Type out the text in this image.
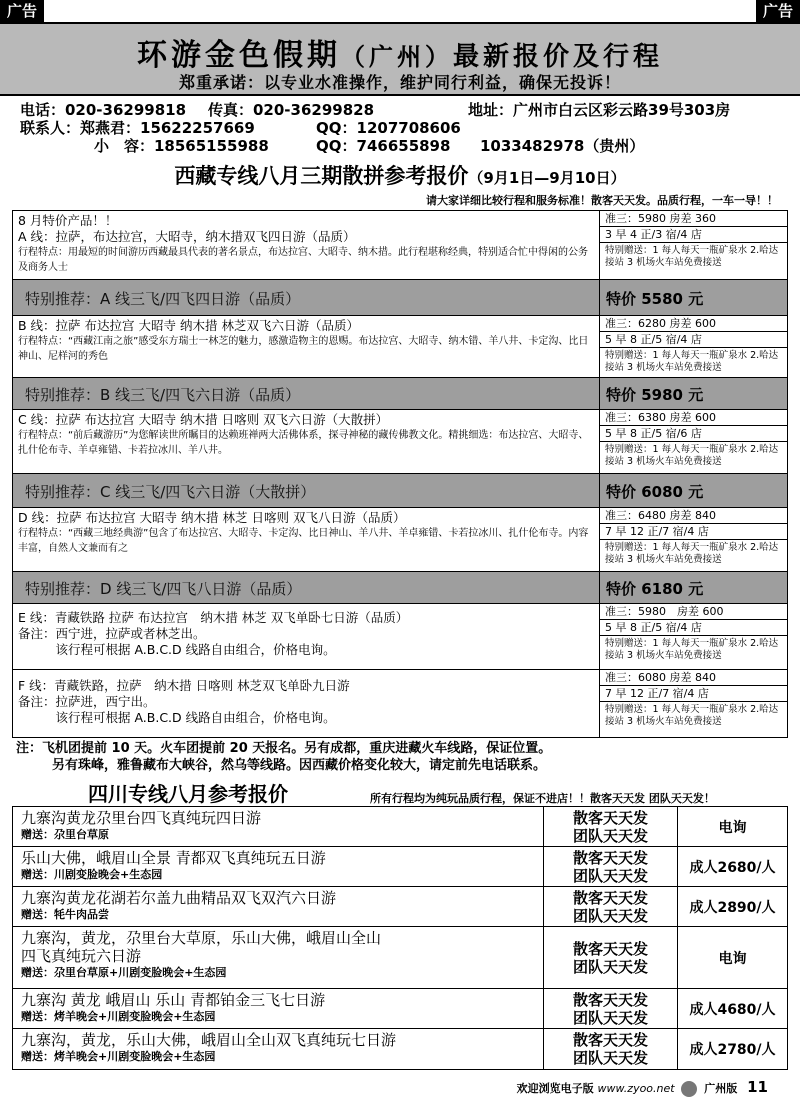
广告	广告
环游金色假期（广州）最新报价及行程
郑重承诺：以专业水准操作，维护同行利益，确保无投诉！
电话：020-36299818 传真：020-36299828	地址：广州市白云区彩云路39号303房
联系人：郑燕君：15622257669	QQ：1207708606
小　容：18565155988	QQ：746655898 1033482978（贵州）
西藏专线八月三期散拼参考报价（9月1日—9月10日）
请大家详细比较行程和服务标准！散客天天发。品质行程，一车一导！！
8 月特价产品！！
A 线：拉萨，布达拉宫，大昭寺，纳木措双飞四日游（品质）
行程特点：用最短的时间游历西藏最具代表的著名景点，布达拉宫、大昭寺、纳木措。此行程堪称经典，特别适合忙中得闲的公务及商务人士
准三：5980 房差 360
3 早 4 正/3 宿/4 店
特别赠送：1 每人每天一瓶矿泉水 2.哈达接站 3 机场火车站免费接送
特别推荐：A 线三飞/四飞四日游（品质）	特价 5580 元
B 线：拉萨 布达拉宫 大昭寺 纳木措 林芝双飞六日游（品质）
行程特点：“西藏江南之旅”感受东方瑞士一林芝的魅力，感激造物主的恩赐。布达拉宫、大昭寺、纳木错、羊八井、卡定沟、比日神山、尼样河的秀色
准三：6280 房差 600
5 早 8 正/5 宿/4 店
特别赠送：1 每人每天一瓶矿泉水 2.哈达接站 3 机场火车站免费接送
特别推荐：B 线三飞/四飞六日游（品质）	特价 5980 元
C 线：拉萨 布达拉宫 大昭寺 纳木措 日喀则 双飞六日游（大散拼）
行程特点：“前后藏游历”为您解读世所瞩目的达赖班禅两大活佛体系，探寻神秘的藏传佛教文化。精挑细选：布达拉宫、大昭寺、扎什伦布寺、羊卓雍错、卡若拉冰川、羊八井。
准三：6380 房差 600
5 早 8 正/5 宿/6 店
特别赠送：1 每人每天一瓶矿泉水 2.哈达接站 3 机场火车站免费接送
特别推荐：C 线三飞/四飞六日游（大散拼）	特价 6080 元
D 线：拉萨 布达拉宫 大昭寺 纳木措 林芝 日喀则 双飞八日游（品质）
行程特点：“西藏三地经典游”包含了布达拉宫、大昭寺、卡定沟、比日神山、羊八井、羊卓雍错、卡若拉冰川、扎什伦布寺。内容丰富，自然人文兼而有之
准三：6480 房差 840
7 早 12 正/7 宿/4 店
特别赠送：1 每人每天一瓶矿泉水 2.哈达接站 3 机场火车站免费接送
特别推荐：D 线三飞/四飞八日游（品质）	特价 6180 元
E 线：青藏铁路 拉萨 布达拉宫　纳木措 林芝 双飞单卧七日游（品质）
备注：西宁进，拉萨或者林芝出。
　　　该行程可根据 A.B.C.D 线路自由组合，价格电询。
准三：5980　房差 600
5 早 8 正/5 宿/4 店
特别赠送：1 每人每天一瓶矿泉水 2.哈达接站 3 机场火车站免费接送
F 线：青藏铁路，拉萨　纳木措 日喀则 林芝双飞单卧九日游
备注：拉萨进，西宁出。
　　　该行程可根据 A.B.C.D 线路自由组合，价格电询。
准三：6080 房差 840
7 早 12 正/7 宿/4 店
特别赠送：1 每人每天一瓶矿泉水 2.哈达接站 3 机场火车站免费接送
注：飞机团提前 10 天。火车团提前 20 天报名。另有成都，重庆进藏火车线路，保证位置。
另有珠峰，雅鲁藏布大峡谷，然乌等线路。因西藏价格变化较大，请定前先电话联系。
四川专线八月参考报价	所有行程均为纯玩品质行程，保证不进店！！散客天天发 团队天天发！
九寨沟黄龙尕里台四飞真纯玩四日游
赠送：尕里台草原
散客天天发
团队天天发	电询
乐山大佛，峨眉山全景 青都双飞真纯玩五日游
赠送：川剧变脸晚会+生态园
散客天天发
团队天天发	成人2680/人
九寨沟黄龙花湖若尔盖九曲精品双飞双汽六日游
赠送：牦牛肉品尝
散客天天发
团队天天发	成人2890/人
九寨沟，黄龙，尕里台大草原，乐山大佛，峨眉山全山
四飞真纯玩六日游
赠送：尕里台草原+川剧变脸晚会+生态园
散客天天发
团队天天发	电询
九寨沟 黄龙 峨眉山 乐山 青都铂金三飞七日游
赠送：烤羊晚会+川剧变脸晚会+生态园
散客天天发
团队天天发	成人4680/人
九寨沟，黄龙，乐山大佛，峨眉山全山双飞真纯玩七日游
赠送：烤羊晚会+川剧变脸晚会+生态园
散客天天发
团队天天发	成人2780/人
欢迎浏览电子版 www.zyoo.net	广州版 11
